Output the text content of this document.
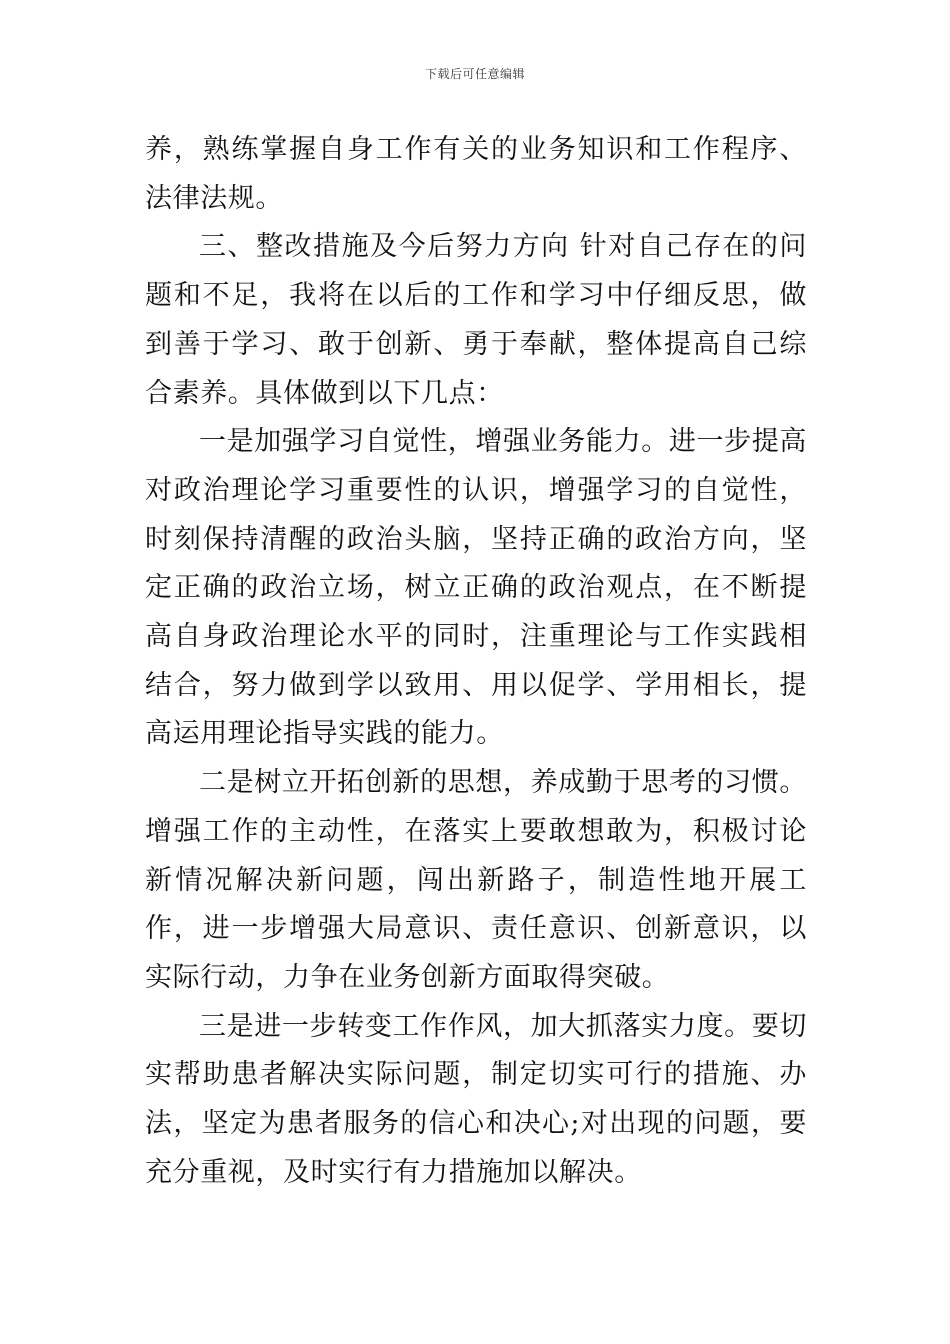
下载后可任意编辑

养，熟练掌握自身工作有关的业务知识和工作程序、法律法规。

三、整改措施及今后努力方向 针对自己存在的问题和不足，我将在以后的工作和学习中仔细反思，做到善于学习、敢于创新、勇于奉献，整体提高自己综合素养。具体做到以下几点：

一是加强学习自觉性，增强业务能力。进一步提高对政治理论学习重要性的认识，增强学习的自觉性，时刻保持清醒的政治头脑，坚持正确的政治方向，坚定正确的政治立场，树立正确的政治观点，在不断提高自身政治理论水平的同时，注重理论与工作实践相结合，努力做到学以致用、用以促学、学用相长，提高运用理论指导实践的能力。

二是树立开拓创新的思想，养成勤于思考的习惯。增强工作的主动性，在落实上要敢想敢为，积极讨论新情况解决新问题，闯出新路子，制造性地开展工作，进一步增强大局意识、责任意识、创新意识，以实际行动，力争在业务创新方面取得突破。

三是进一步转变工作作风，加大抓落实力度。要切实帮助患者解决实际问题，制定切实可行的措施、办法，坚定为患者服务的信心和决心;对出现的问题，要充分重视，及时实行有力措施加以解决。
